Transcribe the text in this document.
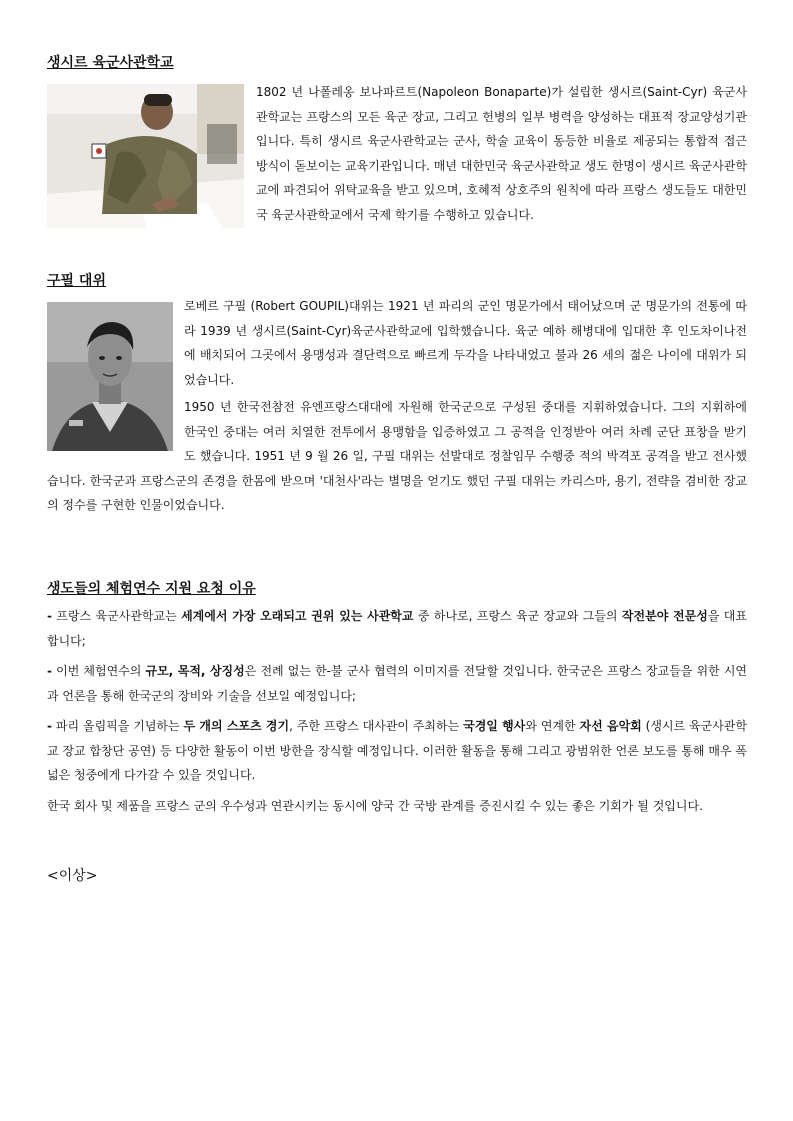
생시르 육군사관학교

1802 년 나폴레옹 보나파르트(Napoleon Bonaparte)가 설립한 생시르(Saint-Cyr) 육군사관학교는 프랑스의 모든 육군 장교, 그리고 헌병의 일부 병력을 양성하는 대표적 장교양성기관입니다. 특히 생시르 육군사관학교는 군사, 학술 교육이 동등한 비율로 제공되는 통합적 접근 방식이 돋보이는 교육기관입니다. 매년 대한민국 육군사관학교 생도 한명이 생시르 육군사관학교에 파견되어 위탁교육을 받고 있으며, 호혜적 상호주의 원칙에 따라 프랑스 생도들도 대한민국 육군사관학교에서 국제 학기를 수행하고 있습니다.

구필 대위

로베르 구필 (Robert GOUPIL)대위는 1921 년 파리의 군인 명문가에서 태어났으며 군 명문가의 전통에 따라 1939 년 생시르(Saint-Cyr)육군사관학교에 입학했습니다. 육군 예하 해병대에 입대한 후 인도차이나전에 배치되어 그곳에서 용맹성과 결단력으로 빠르게 두각을 나타내었고 불과 26 세의 젊은 나이에 대위가 되었습니다.

1950 년 한국전참전 유엔프랑스대대에 자원해 한국군으로 구성된 중대를 지휘하였습니다. 그의 지휘하에 한국인 중대는 여러 치열한 전투에서 용맹함을 입증하였고 그 공적을 인정받아 여러 차례 군단 표창을 받기도 했습니다. 1951 년 9 월 26 일, 구필 대위는 선발대로 정찰임무 수행중 적의 박격포 공격을 받고 전사했습니다. 한국군과 프랑스군의 존경을 한몸에 받으며 '대천사'라는 별명을 얻기도 했던 구필 대위는 카리스마, 용기, 전략을 겸비한 장교의 정수를 구현한 인물이었습니다.

생도들의 체험연수 지원 요청 이유

- 프랑스 육군사관학교는 세계에서 가장 오래되고 권위 있는 사관학교 중 하나로, 프랑스 육군 장교와 그들의 작전분야 전문성을 대표합니다;

- 이번 체험연수의 규모, 목적, 상징성은 전례 없는 한-불 군사 협력의 이미지를 전달할 것입니다. 한국군은 프랑스 장교들을 위한 시연과 언론을 통해 한국군의 장비와 기술을 선보일 예정입니다;

- 파리 올림픽을 기념하는 두 개의 스포츠 경기, 주한 프랑스 대사관이 주최하는 국경일 행사와 연계한 자선 음악회 (생시르 육군사관학교 장교 합창단 공연) 등 다양한 활동이 이번 방한을 장식할 예정입니다. 이러한 활동을 통해 그리고 광범위한 언론 보도를 통해 매우 폭넓은 청중에게 다가갈 수 있을 것입니다.

한국 회사 및 제품을 프랑스 군의 우수성과 연관시키는 동시에 양국 간 국방 관계를 증진시킬 수 있는 좋은 기회가 될 것입니다.

<이상>
